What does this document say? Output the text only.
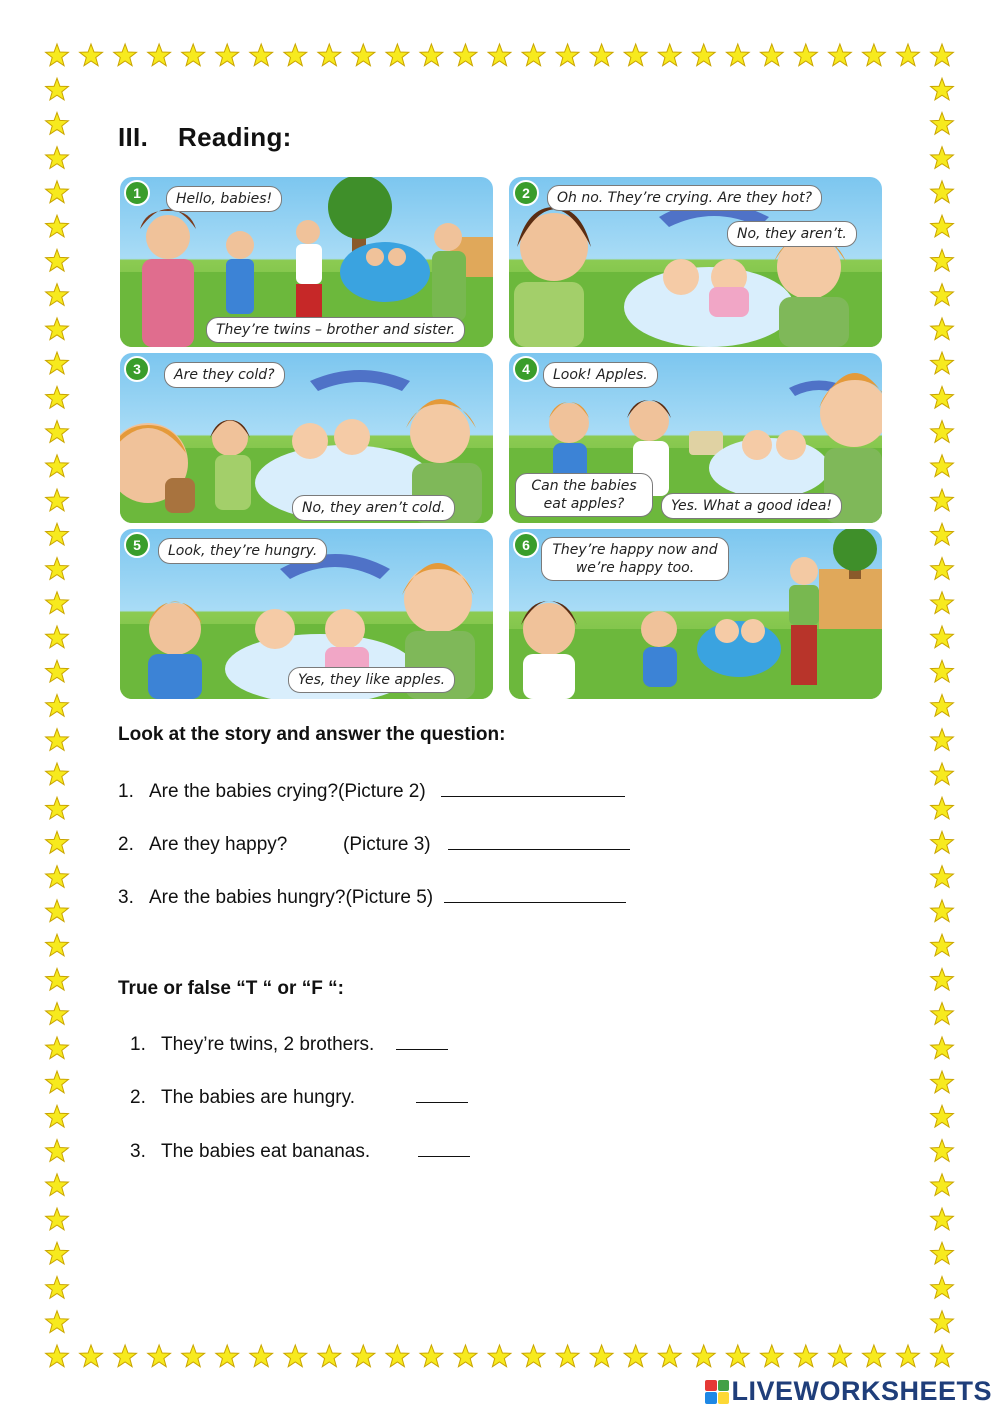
III. Reading:
1	Hello, babies!
They’re twins – brother and sister.
2	Oh no. They’re crying. Are they hot?
No, they aren’t.
3	Are they cold?
No, they aren’t cold.
4	Look! Apples.
Can the babies eat apples?	Yes. What a good idea!
5	Look, they’re hungry.
Yes, they like apples.
6	They’re happy now and we’re happy too.

Look at the story and answer the question:

1. Are the babies crying?(Picture 2)
2. Are they happy?	(Picture 3)
3. Are the babies hungry?(Picture 5)

True or false “T “ or “F “:

1. They’re twins, 2 brothers.
2. The babies are hungry.
3. The babies eat bananas.
LIVEWORKSHEETS
